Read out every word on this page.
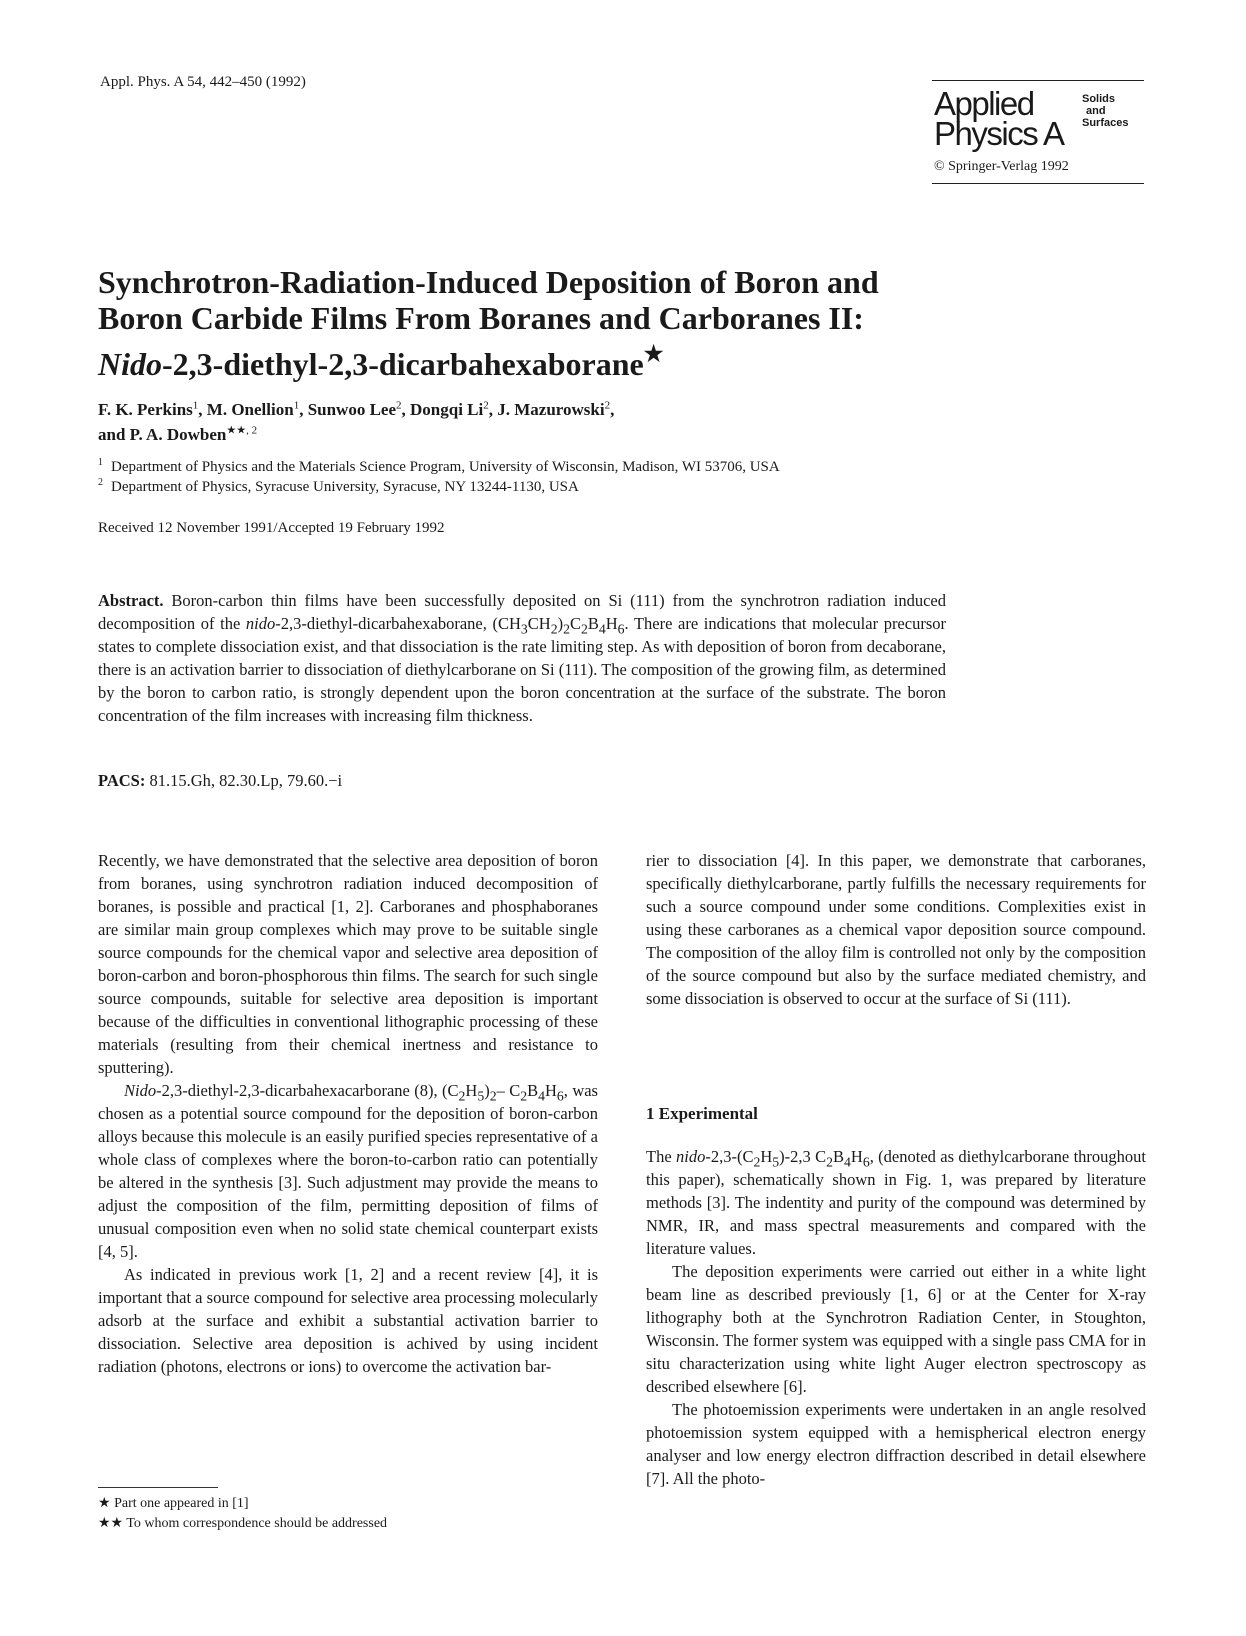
Appl. Phys. A 54, 442–450 (1992)
Applied
Physics A
Solids
and
Surfaces
© Springer-Verlag 1992
Synchrotron-Radiation-Induced Deposition of Boron and
Boron Carbide Films From Boranes and Carboranes II:
Nido-2,3-diethyl-2,3-dicarbahexaborane★
F. K. Perkins$^1$, M. Onellion$^1$, Sunwoo Lee$^2$, Dongqi Li$^2$, J. Mazurowski$^2$,
and P. A. Dowben$^{★★, 2}$
$^1$ Department of Physics and the Materials Science Program, University of Wisconsin, Madison, WI 53706, USA
$^2$ Department of Physics, Syracuse University, Syracuse, NY 13244-1130, USA
Received 12 November 1991/Accepted 19 February 1992
Abstract. Boron-carbon thin films have been successfully deposited on Si (111) from the synchrotron radiation induced decomposition of the nido-2,3-diethyl-dicarbahexaborane, $(CH_3CH_2)_2C_2B_4H_6$. There are indications that molecular precursor states to complete dissociation exist, and that dissociation is the rate limiting step. As with deposition of boron from decaborane, there is an activation barrier to dissociation of diethylcarborane on Si (111). The composition of the growing film, as determined by the boron to carbon ratio, is strongly dependent upon the boron concentration at the surface of the substrate. The boron concentration of the film increases with increasing film thickness.
PACS: 81.15.Gh, 82.30.Lp, 79.60.−i

Recently, we have demonstrated that the selective area deposition of boron from boranes, using synchrotron radiation induced decomposition of boranes, is possible and practical [1, 2]. Carboranes and phosphaboranes are similar main group complexes which may prove to be suitable single source compounds for the chemical vapor and selective area deposition of boron-carbon and boron-phosphorous thin films. The search for such single source compounds, suitable for selective area deposition is important because of the difficulties in conventional lithographic processing of these materials (resulting from their chemical inertness and resistance to sputtering).

Nido-2,3-diethyl-2,3-dicarbahexacarborane (8), $(C_2H_5)_2-$ $C_2B_4H_6$, was chosen as a potential source compound for the deposition of boron-carbon alloys because this molecule is an easily purified species representative of a whole class of complexes where the boron-to-carbon ratio can potentially be altered in the synthesis [3]. Such adjustment may provide the means to adjust the composition of the film, permitting deposition of films of unusual composition even when no solid state chemical counterpart exists [4, 5].

As indicated in previous work [1, 2] and a recent review [4], it is important that a source compound for selective area processing molecularly adsorb at the surface and exhibit a substantial activation barrier to dissociation. Selective area deposition is achived by using incident radiation (photons, electrons or ions) to overcome the activation bar-

rier to dissociation [4]. In this paper, we demonstrate that carboranes, specifically diethylcarborane, partly fulfills the necessary requirements for such a source compound under some conditions. Complexities exist in using these carboranes as a chemical vapor deposition source compound. The composition of the alloy film is controlled not only by the composition of the source compound but also by the surface mediated chemistry, and some dissociation is observed to occur at the surface of Si (111).

1 Experimental

The nido-$2,3-(C_2H_5)-2,3$ $C_2B_4H_6$, (denoted as diethylcarborane throughout this paper), schematically shown in Fig. 1, was prepared by literature methods [3]. The indentity and purity of the compound was determined by NMR, IR, and mass spectral measurements and compared with the literature values.

The deposition experiments were carried out either in a white light beam line as described previously [1, 6] or at the Center for X-ray lithography both at the Synchrotron Radiation Center, in Stoughton, Wisconsin. The former system was equipped with a single pass CMA for in situ characterization using white light Auger electron spectroscopy as described elsewhere [6].

The photoemission experiments were undertaken in an angle resolved photoemission system equipped with a hemispherical electron energy analyser and low energy electron diffraction described in detail elsewhere [7]. All the photo-

★ Part one appeared in [1]
★★ To whom correspondence should be addressed
